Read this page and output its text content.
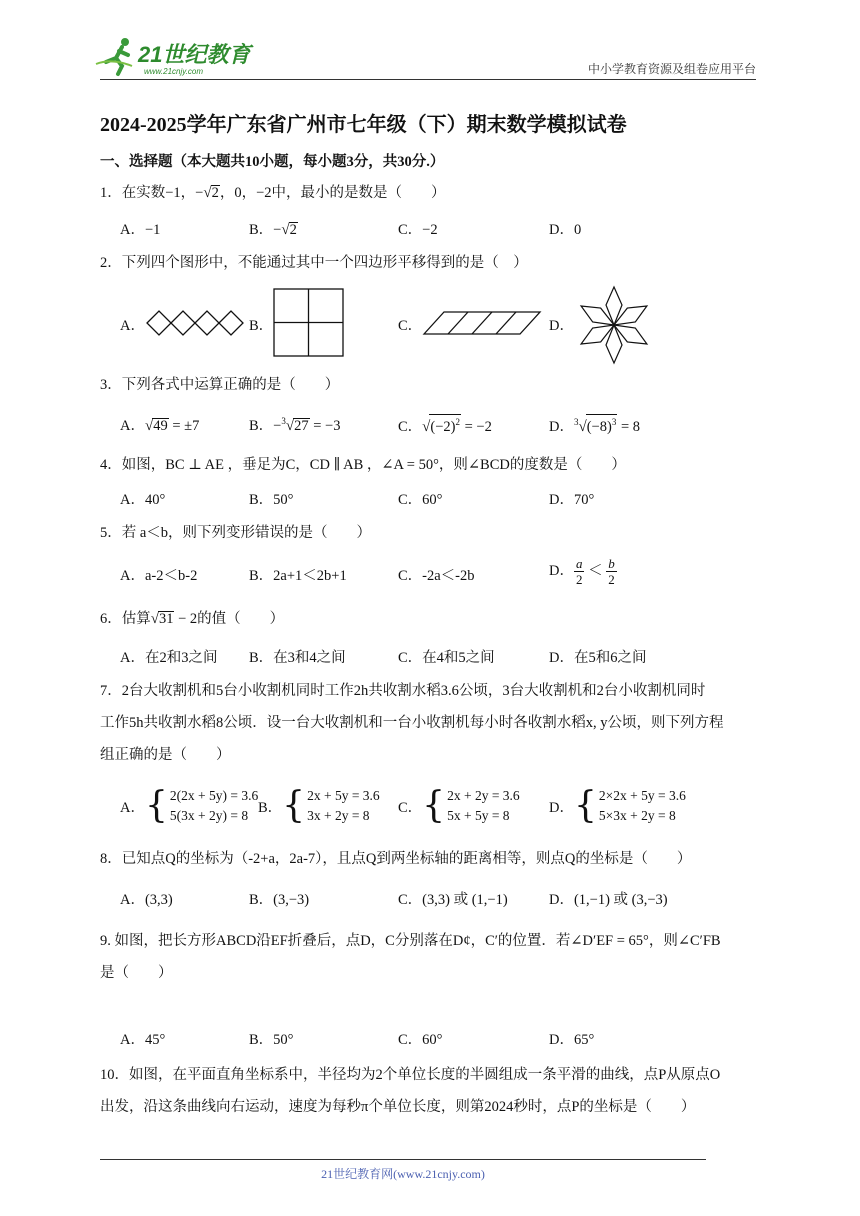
21世纪教育
www.21cnjy.com	中小学教育资源及组卷应用平台
2024-2025学年广东省广州市七年级（下）期末数学模拟试卷
一、选择题（本大题共10小题，每小题3分，共30分.）
1．在实数−1，−√2，0，−2中，最小的是数是（　　）
A．−1	B．−√2	C．−2	D．0
2．下列四个图形中，不能通过其中一个四边形平移得到的是（　）
A．	B．	C．	D．
3．下列各式中运算正确的是（　　）
A．√49 = ±7	B．−$^3$√27 = −3	C．$√(-2)^2 = -2$	D．$^3√(-8)^3 = 8$
4．如图，BC ⊥ AE ，垂足为C，CD ∥ AB ，∠A = 50°，则∠BCD的度数是（　　）
A．40°	B．50°	C．60°	D．70°
5．若 a＜b，则下列变形错误的是（　　）
A．a-2＜b-2	B．2a+1＜2b+1	C．-2a＜-2b	D． $\frac{a}{2} < \frac{b}{2}$
6．估算√31 − 2的值（　　）
A．在2和3之间 B．在3和4之间	C．在4和5之间	D．在5和6之间
7．2台大收割机和5台小收割机同时工作2h共收割水稻3.6公顷，3台大收割机和2台小收割机同时
工作5h共收割水稻8公顷．设一台大收割机和一台小收割机每小时各收割水稻x, y公顷，则下列方程
组正确的是（　　）
A． { 2(2x + 5y) = 3.6
5(3x + 2y) = 8 B． { 2x + 5y = 3.6
3x + 2y = 8	C． { 2x + 2y = 3.6
5x + 5y = 8	D． { 2×2x + 5y = 3.6
5×3x + 2y = 8
8．已知点Q的坐标为（-2+a，2a-7），且点Q到两坐标轴的距离相等，则点Q的坐标是（　　）
A．(3,3)	B．(3,−3)	C．(3,3) 或 (1,−1)	D．(1,−1) 或 (3,−3)
9. 如图，把长方形ABCD沿EF折叠后，点D，C分别落在D¢，C′的位置．若∠D′EF = 65°，则∠C′FB
是（　　）
A．45°	B．50°	C．60°	D．65°
10．如图，在平面直角坐标系中，半径均为2个单位长度的半圆组成一条平滑的曲线，点P从原点O
出发，沿这条曲线向右运动，速度为每秒π个单位长度，则第2024秒时，点P的坐标是（　　）
21世纪教育网(www.21cnjy.com)
